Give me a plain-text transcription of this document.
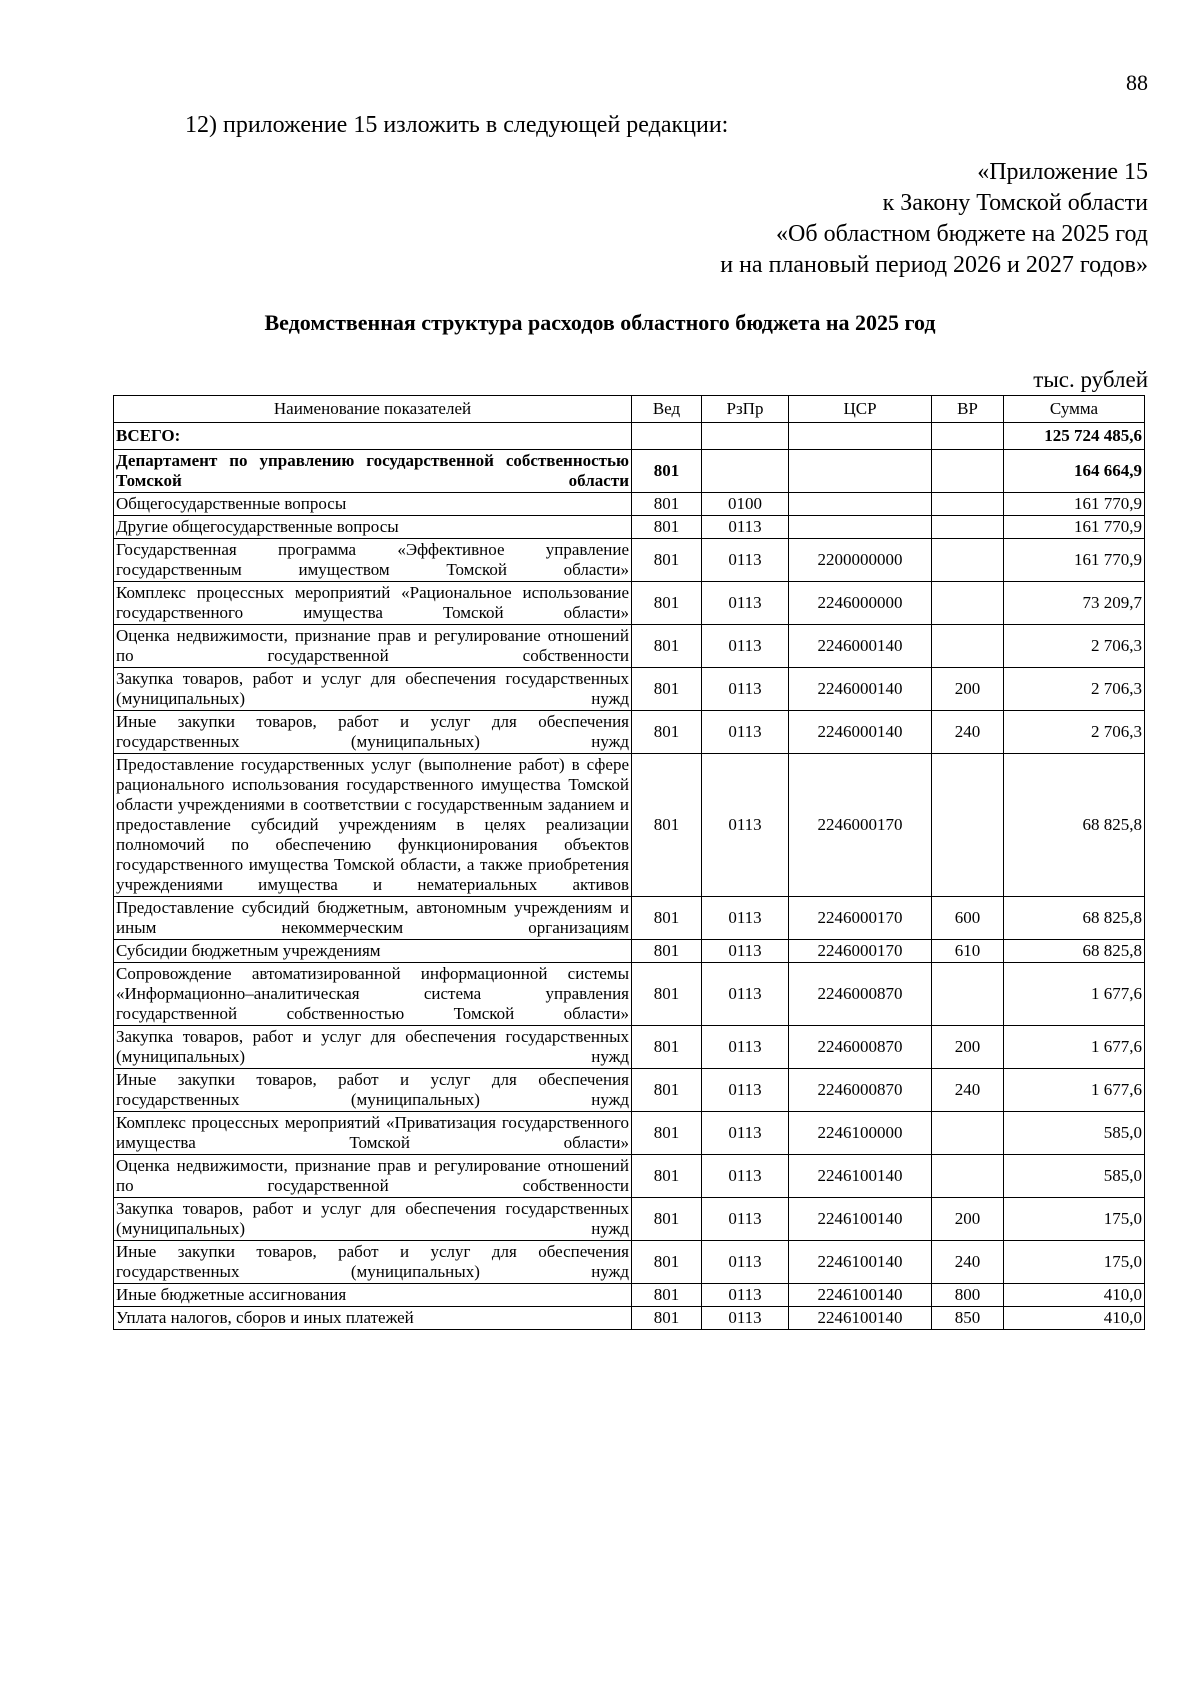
88
12) приложение 15 изложить в следующей редакции:
«Приложение 15
к Закону Томской области
«Об областном бюджете на 2025 год
и на плановый период 2026 и 2027 годов»
Ведомственная структура расходов областного бюджета на 2025 год
тыс. рублей
Наименование показателей	Вед	РзПр	ЦСР	ВР	Сумма
ВСЕГО:					125 724 485,6
Департамент по управлению государственной собственностью Томской области	801				164 664,9
Общегосударственные вопросы	801	0100			161 770,9
Другие общегосударственные вопросы	801	0113			161 770,9
Государственная программа «Эффективное управление государственным имуществом Томской области»	801	0113	2200000000		161 770,9
Комплекс процессных мероприятий «Рациональное использование государственного имущества Томской области»	801	0113	2246000000		73 209,7
Оценка недвижимости, признание прав и регулирование отношений по государственной собственности	801	0113	2246000140		2 706,3
Закупка товаров, работ и услуг для обеспечения государственных (муниципальных) нужд	801	0113	2246000140	200	2 706,3
Иные закупки товаров, работ и услуг для обеспечения государственных (муниципальных) нужд	801	0113	2246000140	240	2 706,3
Предоставление государственных услуг (выполнение работ) в сфере рационального использования государственного имущества Томской области учреждениями в соответствии с государственным заданием и предоставление субсидий учреждениям в целях реализации полномочий по обеспечению функционирования объектов государственного имущества Томской области, а также приобретения учреждениями имущества и нематериальных активов	801	0113	2246000170		68 825,8
Предоставление субсидий бюджетным, автономным учреждениям и иным некоммерческим организациям	801	0113	2246000170	600	68 825,8
Субсидии бюджетным учреждениям	801	0113	2246000170	610	68 825,8
Сопровождение автоматизированной информационной системы «Информационно–аналитическая система управления государственной собственностью Томской области»	801	0113	2246000870		1 677,6
Закупка товаров, работ и услуг для обеспечения государственных (муниципальных) нужд	801	0113	2246000870	200	1 677,6
Иные закупки товаров, работ и услуг для обеспечения государственных (муниципальных) нужд	801	0113	2246000870	240	1 677,6
Комплекс процессных мероприятий «Приватизация государственного имущества Томской области»	801	0113	2246100000		585,0
Оценка недвижимости, признание прав и регулирование отношений по государственной собственности	801	0113	2246100140		585,0
Закупка товаров, работ и услуг для обеспечения государственных (муниципальных) нужд	801	0113	2246100140	200	175,0
Иные закупки товаров, работ и услуг для обеспечения государственных (муниципальных) нужд	801	0113	2246100140	240	175,0
Иные бюджетные ассигнования	801	0113	2246100140	800	410,0
Уплата налогов, сборов и иных платежей	801	0113	2246100140	850	410,0
